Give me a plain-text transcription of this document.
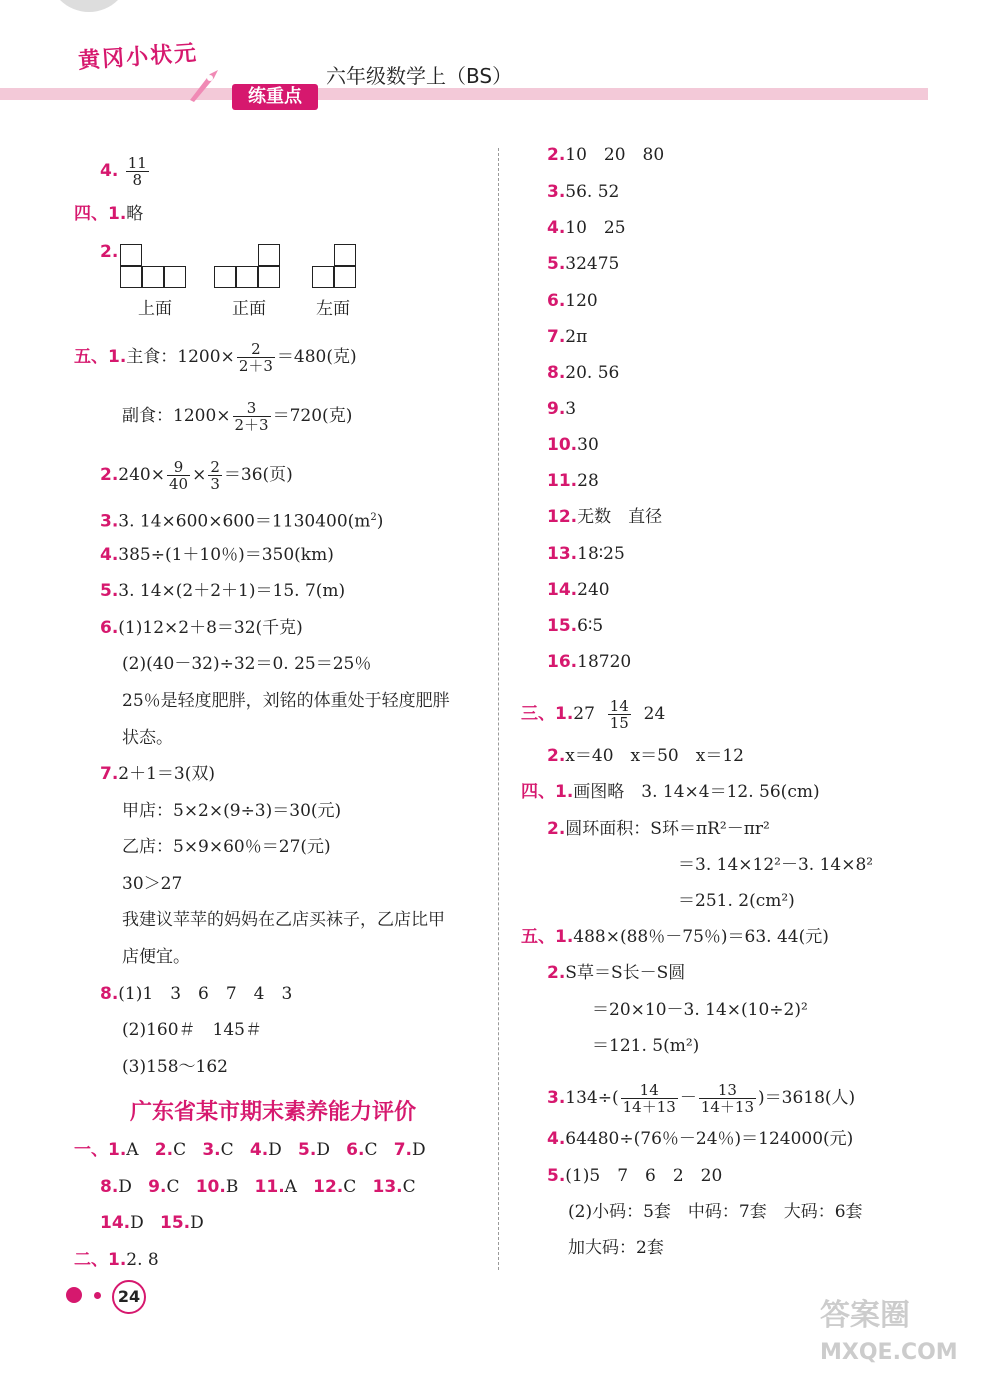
黄冈小状元
练重点
六年级数学上（BS）
4. $\frac{11}{8}$
四、1.略
2.
上面	正面	左面
五、1.主食：$1200\times \frac{2}{2+3} =480$(克)
副食：$1200\times \frac{3}{2+3} =720$(克)
$2.240\times \frac{9}{40} \times \frac{2}{3} =36$(页)
3.3. $14\times 600\times 600=1130400(m^2)$
4.385÷(1＋10％)＝350(km)
5.3. 14×(2＋2＋1)＝15. 7(m)
6.(1)12×2＋8＝32(千克)
(2)(40－32)÷32＝0. 25＝25％
25％是轻度肥胖，刘铭的体重处于轻度肥胖
状态。
7.2＋1＝3(双)
甲店：5×2×(9÷3)＝30(元)
乙店：5×9×60％＝27(元)
30＞27
我建议苹苹的妈妈在乙店买袜子，乙店比甲
店便宜。
8.(1)1　3　6　7　4　3
(2)160＃　145＃
(3)158～162
广东省某市期末素养能力评价
一、1.A 2.C 3.C 4.D 5.D 6.C 7.D
8.D 9.C 10.B 11.A 12.C 13.C
14.D 15.D
二、1.2. 8
2.10　20　80
3.56. 52
4.10　25
5.32475
6.120
7.2π
8.20. 56
9.3
10.30
11.28
12.无数　直径
13.18∶25
14.240
15.6∶5
16.18720
三、$1.27 \frac{14}{15} 24$
2.x＝40　x＝50　x＝12
四、1.画图略　3. 14×4＝12. 56(cm)
2.圆环面积：S环＝πR²－πr²
＝3. 14×12²－3. 14×8²
＝251. 2(cm²)
五、1.488×(88％－75％)＝63. 44(元)
2.S草＝S长－S圆
＝20×10－3. 14×(10÷2)²
＝121. 5(m²)
$3.134\div( \frac{14}{14+13} - \frac{13}{14+13} )=3618$(人)
4.64480÷(76％－24％)＝124000(元)
5.(1)5　7　6　2　20
(2)小码：5套　中码：7套　大码：6套
加大码：2套
24
答案圈
MXQE.COM
